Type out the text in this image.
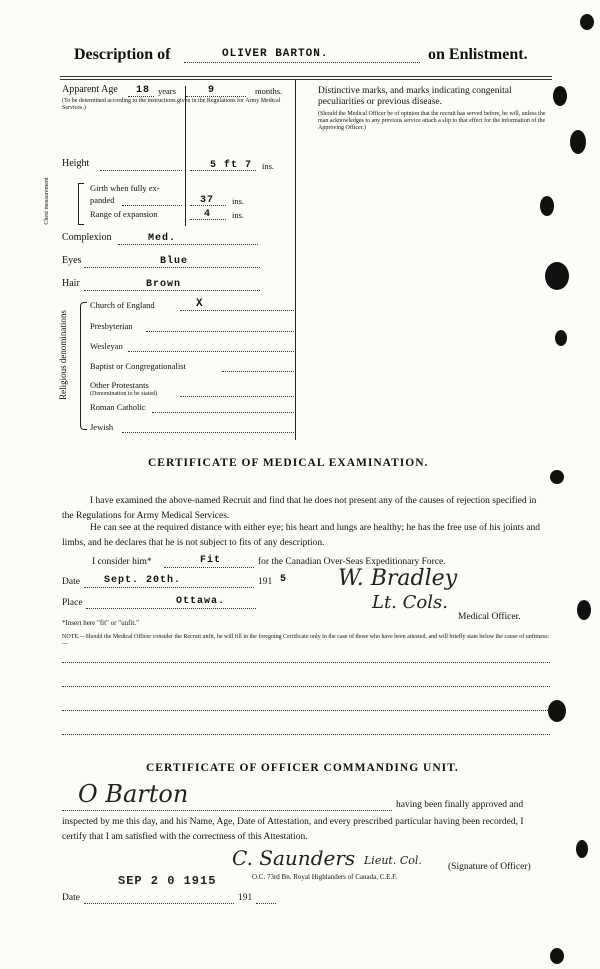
Description of	OLIVER BARTON.	on Enlistment.
Apparent Age 18 years	9	months.
(To be determined according to the instructions given in the Regulations for Army Medical Services.)
Height	5 ft 7 ins.
Chest measurement	Girth when fully ex-
panded	37 ins.
Range of expansion	4 ins.
Complexion	Med.
Eyes	Blue
Hair	Brown
Religious denominations
Church of England	X
Presbyterian
Wesleyan
Baptist or Congregationalist
Other Protestants
(Denomination to be stated)
Roman Catholic
Jewish
Distinctive marks, and marks indicating congenital
peculiarities or previous disease.
(Should the Medical Officer be of opinion that the recruit has served before, he will, unless the man acknowledges to any previous service attach a slip to that effect for the information of the Approving Officer.)
CERTIFICATE OF MEDICAL EXAMINATION.
I have examined the above-named Recruit and find that he does not present any of the causes of rejection specified in the Regulations for Army Medical Services.
He can see at the required distance with either eye; his heart and lungs are healthy; he has the free use of his joints and limbs, and he declares that he is not subject to fits of any description.
I consider him*	Fit	for the Canadian Over-Seas Expeditionary Force.
Date Sept. 20th.	191 5
Place	Ottawa.
W. Bradley
Lt. Cols.
Medical Officer.
*Insert here "fit" or "unfit."
NOTE.—Should the Medical Officer consider the Recruit unfit, he will fill in the foregoing Certificate only in the case of those who have been attested, and will briefly state below the cause of unfitness:—
CERTIFICATE OF OFFICER COMMANDING UNIT.
O Barton	having been finally approved and
inspected by me this day, and his Name, Age, Date of Attestation, and every prescribed particular having been recorded, I certify that I am satisfied with the correctness of this Attestation.
C. Saunders Lieut. Col.	(Signature of Officer)
O.C. 73rd Bn. Royal Highlanders of Canada, C.E.F.
SEP 2 0 1915
Date	191
